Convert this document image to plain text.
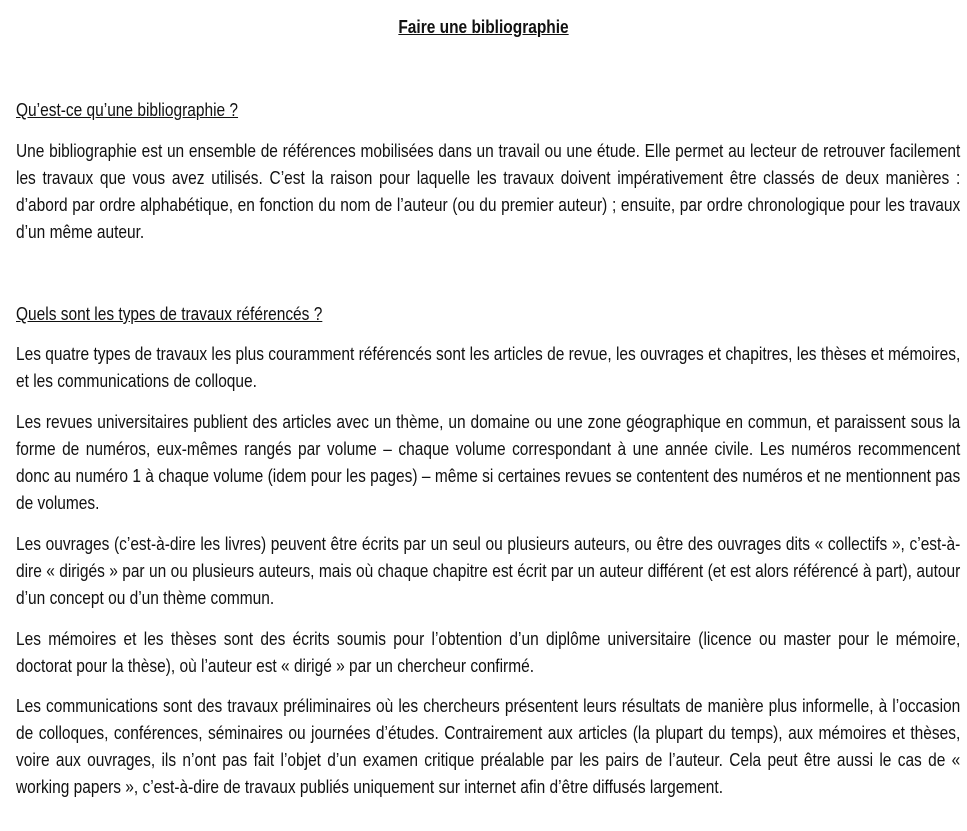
Faire une bibliographie
Qu’est-ce qu’une bibliographie ?
Une bibliographie est un ensemble de références mobilisées dans un travail ou une étude. Elle permet au lecteur de retrouver facilement les travaux que vous avez utilisés. C’est la raison pour laquelle les travaux doivent impérativement être classés de deux manières : d’abord par ordre alphabétique, en fonction du nom de l’auteur (ou du premier auteur) ; ensuite, par ordre chronologique pour les travaux d’un même auteur.
Quels sont les types de travaux référencés ?
Les quatre types de travaux les plus couramment référencés sont les articles de revue, les ouvrages et chapitres, les thèses et mémoires, et les communications de colloque.
Les revues universitaires publient des articles avec un thème, un domaine ou une zone géographique en commun, et paraissent sous la forme de numéros, eux-mêmes rangés par volume – chaque volume correspondant à une année civile. Les numéros recommencent donc au numéro 1 à chaque volume (idem pour les pages) – même si certaines revues se contentent des numéros et ne mentionnent pas de volumes.
Les ouvrages (c’est-à-dire les livres) peuvent être écrits par un seul ou plusieurs auteurs, ou être des ouvrages dits « collectifs », c’est-à-dire « dirigés » par un ou plusieurs auteurs, mais où chaque chapitre est écrit par un auteur différent (et est alors référencé à part), autour d’un concept ou d’un thème commun.
Les mémoires et les thèses sont des écrits soumis pour l’obtention d’un diplôme universitaire (licence ou master pour le mémoire, doctorat pour la thèse), où l’auteur est « dirigé » par un chercheur confirmé.
Les communications sont des travaux préliminaires où les chercheurs présentent leurs résultats de manière plus informelle, à l’occasion de colloques, conférences, séminaires ou journées d’études. Contrairement aux articles (la plupart du temps), aux mémoires et thèses, voire aux ouvrages, ils n’ont pas fait l’objet d’un examen critique préalable par les pairs de l’auteur. Cela peut être aussi le cas de « working papers », c’est-à-dire de travaux publiés uniquement sur internet afin d’être diffusés largement.
